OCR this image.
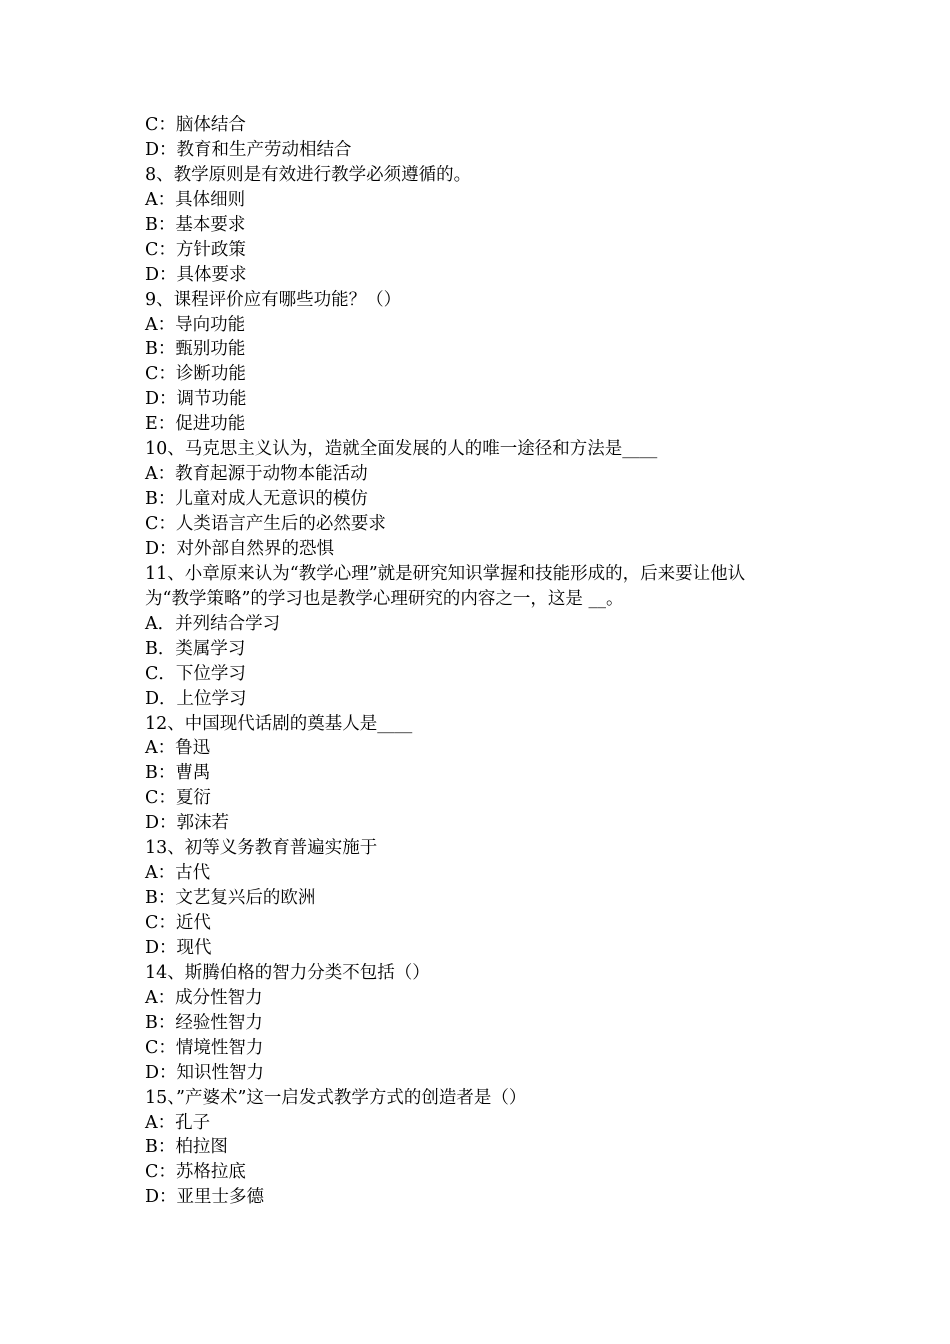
C：脑体结合
D：教育和生产劳动相结合
8、教学原则是有效进行教学必须遵循的。
A：具体细则
B：基本要求
C：方针政策
D：具体要求
9、课程评价应有哪些功能？（）
A：导向功能
B：甄别功能
C：诊断功能
D：调节功能
E：促进功能
10、马克思主义认为，造就全面发展的人的唯一途径和方法是____
A：教育起源于动物本能活动
B：儿童对成人无意识的模仿
C：人类语言产生后的必然要求
D：对外部自然界的恐惧
11、小章原来认为“教学心理”就是研究知识掌握和技能形成的，后来要让他认
为“教学策略”的学习也是教学心理研究的内容之一，这是 __。
A．并列结合学习
B．类属学习
C．下位学习
D．上位学习
12、中国现代话剧的奠基人是____
A：鲁迅
B：曹禺
C：夏衍
D：郭沫若
13、初等义务教育普遍实施于
A：古代
B：文艺复兴后的欧洲
C：近代
D：现代
14、斯腾伯格的智力分类不包括（）
A：成分性智力
B：经验性智力
C：情境性智力
D：知识性智力
15、”产婆术”这一启发式教学方式的创造者是（）
A：孔子
B：柏拉图
C：苏格拉底
D：亚里士多德
